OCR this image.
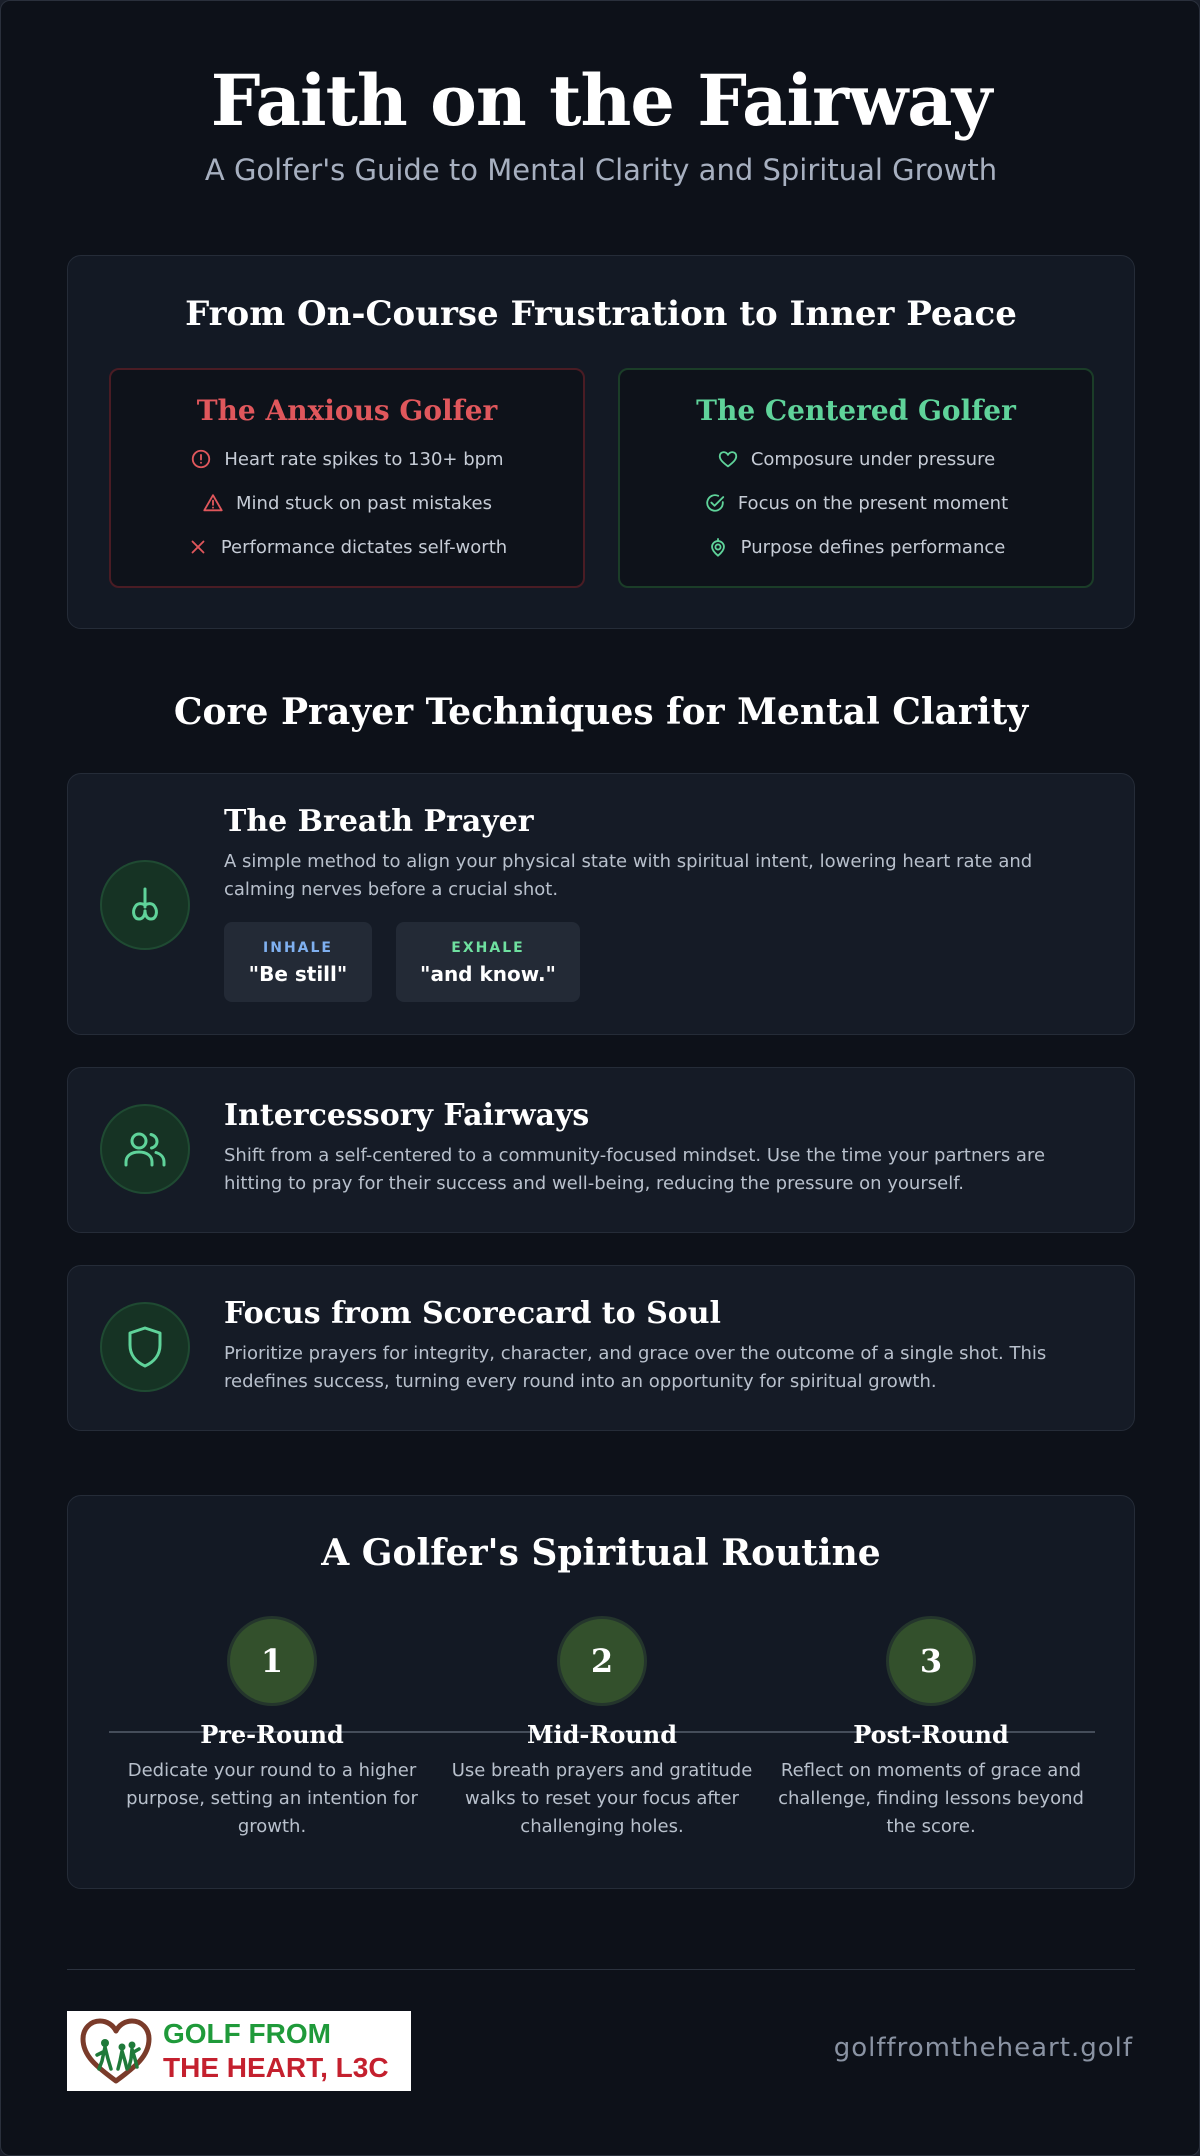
Faith on the Fairway
A Golfer's Guide to Mental Clarity and Spiritual Growth
From On-Course Frustration to Inner Peace
The Anxious Golfer
Heart rate spikes to 130+ bpm
Mind stuck on past mistakes
Performance dictates self-worth
The Centered Golfer
Composure under pressure
Focus on the present moment
Purpose defines performance
Core Prayer Techniques for Mental Clarity
The Breath Prayer

A simple method to align your physical state with spiritual intent, lowering heart rate and calming nerves before a crucial shot.

INHALE
"Be still"
EXHALE
"and know."
Intercessory Fairways

Shift from a self-centered to a community-focused mindset. Use the time your partners are hitting to pray for their success and well-being, reducing the pressure on yourself.

Focus from Scorecard to Soul

Prioritize prayers for integrity, character, and grace over the outcome of a single shot. This redefines success, turning every round into an opportunity for spiritual growth.

A Golfer's Spiritual Routine
1
Pre-Round

Dedicate your round to a higher purpose, setting an intention for growth.

2
Mid-Round

Use breath prayers and gratitude walks to reset your focus after challenging holes.

3
Post-Round

Reflect on moments of grace and challenge, finding lessons beyond the score.

GOLF FROM
THE HEART, L3C
golffromtheheart.golf
